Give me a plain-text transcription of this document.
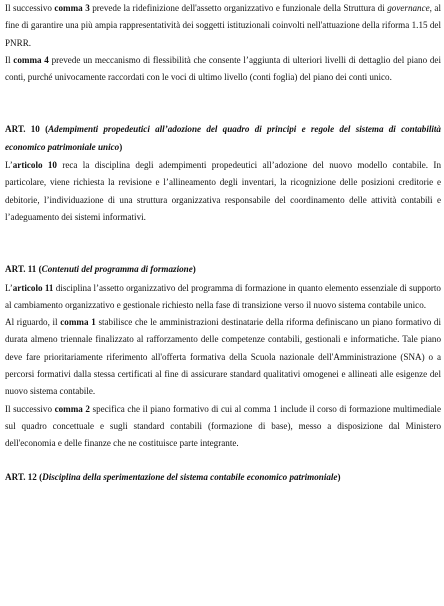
Il successivo comma 3 prevede la ridefinizione dell'assetto organizzativo e funzionale della Struttura di governance, al fine di garantire una più ampia rappresentatività dei soggetti istituzionali coinvolti nell'attuazione della riforma 1.15 del PNRR.

Il comma 4 prevede un meccanismo di flessibilità che consente l’aggiunta di ulteriori livelli di dettaglio del piano dei conti, purché univocamente raccordati con le voci di ultimo livello (conti foglia) del piano dei conti unico.

ART. 10 (Adempimenti propedeutici all’adozione del quadro di principi e regole del sistema di contabilità economico patrimoniale unico)

L’articolo 10 reca la disciplina degli adempimenti propedeutici all’adozione del nuovo modello contabile. In particolare, viene richiesta la revisione e l’allineamento degli inventari, la ricognizione delle posizioni creditorie e debitorie, l’individuazione di una struttura organizzativa responsabile del coordinamento delle attività contabili e l’adeguamento dei sistemi informativi.

ART. 11 (Contenuti del programma di formazione)

L’articolo 11 disciplina l’assetto organizzativo del programma di formazione in quanto elemento essenziale di supporto al cambiamento organizzativo e gestionale richiesto nella fase di transizione verso il nuovo sistema contabile unico.

Al riguardo, il comma 1 stabilisce che le amministrazioni destinatarie della riforma definiscano un piano formativo di durata almeno triennale finalizzato al rafforzamento delle competenze contabili, gestionali e informatiche. Tale piano deve fare prioritariamente riferimento all'offerta formativa della Scuola nazionale dell'Amministrazione (SNA) o a percorsi formativi dalla stessa certificati al fine di assicurare standard qualitativi omogenei e allineati alle esigenze del nuovo sistema contabile.

Il successivo comma 2 specifica che il piano formativo di cui al comma 1 include il corso di formazione multimediale sul quadro concettuale e sugli standard contabili (formazione di base), messo a disposizione dal Ministero dell'economia e delle finanze che ne costituisce parte integrante.

ART. 12 (Disciplina della sperimentazione del sistema contabile economico patrimoniale)
